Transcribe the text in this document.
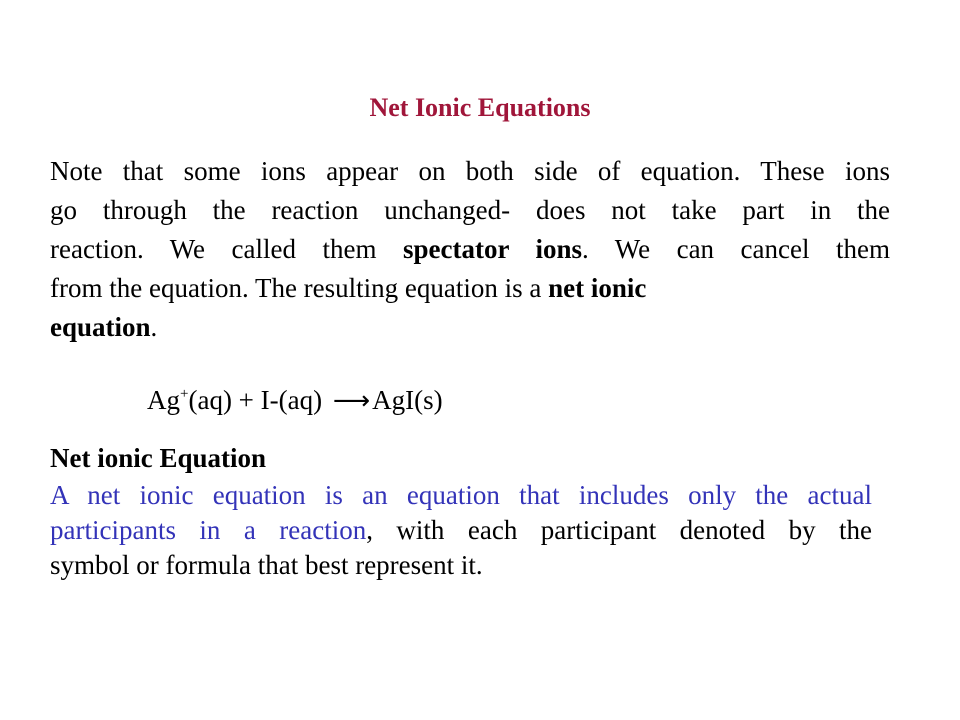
Net Ionic Equations
Note that some ions appear on both side of equation. These ions
go through the reaction unchanged- does not take part in the
reaction. We called them spectator ions. We can cancel them
from the equation. The resulting equation is a net ionic
equation.
Ag+(aq) + I-(aq) ⟶AgI(s)
Net ionic Equation
A net ionic equation is an equation that includes only the actual
participants in a reaction, with each participant denoted by the
symbol or formula that best represent it.
